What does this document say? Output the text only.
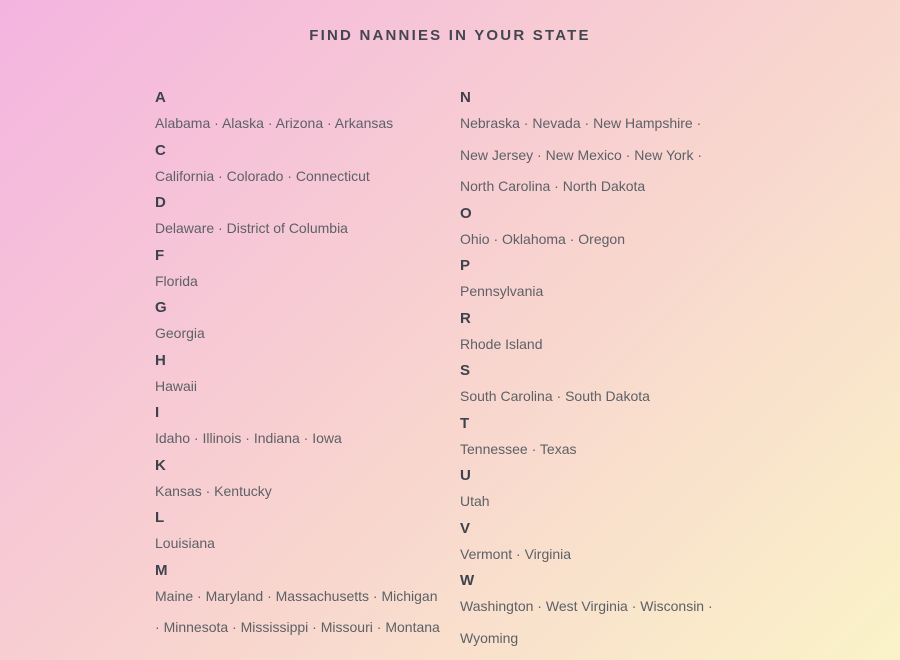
FIND NANNIES IN YOUR STATE
A

Alabama · Alaska · Arizona · Arkansas

C

California · Colorado · Connecticut

D

Delaware · District of Columbia

F

Florida

G

Georgia

H

Hawaii

I

Idaho · Illinois · Indiana · Iowa

K

Kansas · Kentucky

L

Louisiana

M

Maine · Maryland · Massachusetts · Michigan · Minnesota · Mississippi · Missouri · Montana

N

Nebraska · Nevada · New Hampshire · New Jersey · New Mexico · New York · North Carolina · North Dakota

O

Ohio · Oklahoma · Oregon

P

Pennsylvania

R

Rhode Island

S

South Carolina · South Dakota

T

Tennessee · Texas

U

Utah

V

Vermont · Virginia

W

Washington · West Virginia · Wisconsin · Wyoming
